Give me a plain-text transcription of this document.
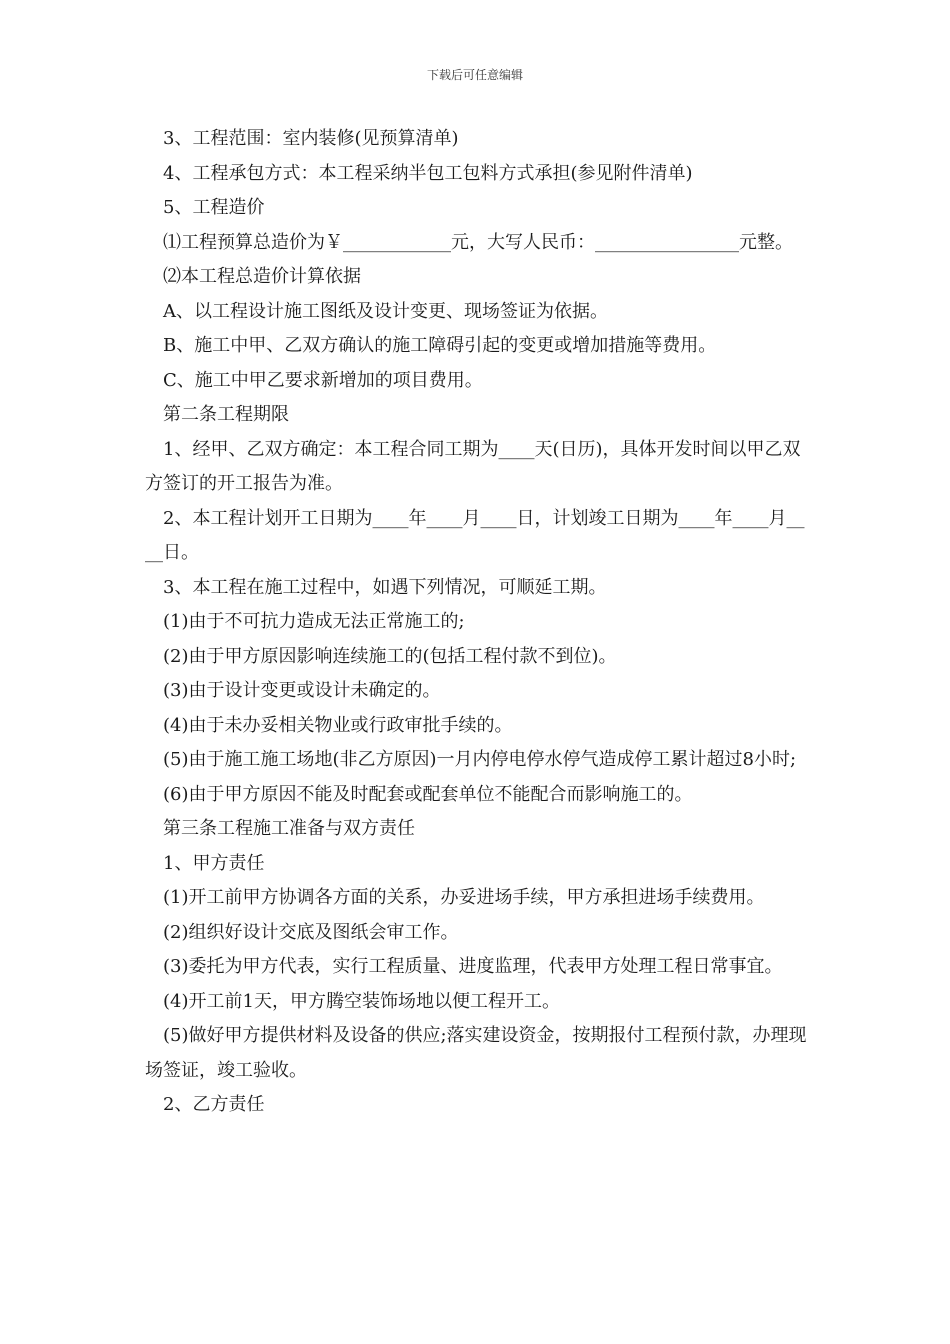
下载后可任意编辑

3、工程范围：室内装修(见预算清单)

4、工程承包方式：本工程采纳半包工包料方式承担(参见附件清单)

5、工程造价

⑴工程预算总造价为￥____________元，大写人民币：________________元整。

⑵本工程总造价计算依据

A、以工程设计施工图纸及设计变更、现场签证为依据。

B、施工中甲、乙双方确认的施工障碍引起的变更或增加措施等费用。

C、施工中甲乙要求新增加的项目费用。

第二条工程期限

1、经甲、乙双方确定：本工程合同工期为____天(日历)，具体开发时间以甲乙双方签订的开工报告为准。

2、本工程计划开工日期为____年____月____日，计划竣工日期为____年____月____日。

3、本工程在施工过程中，如遇下列情况，可顺延工期。

(1)由于不可抗力造成无法正常施工的;

(2)由于甲方原因影响连续施工的(包括工程付款不到位)。

(3)由于设计变更或设计未确定的。

(4)由于未办妥相关物业或行政审批手续的。

(5)由于施工施工场地(非乙方原因)一月内停电停水停气造成停工累计超过8小时;

(6)由于甲方原因不能及时配套或配套单位不能配合而影响施工的。

第三条工程施工准备与双方责任

1、甲方责任

(1)开工前甲方协调各方面的关系，办妥进场手续，甲方承担进场手续费用。

(2)组织好设计交底及图纸会审工作。

(3)委托为甲方代表，实行工程质量、进度监理，代表甲方处理工程日常事宜。

(4)开工前1天，甲方腾空装饰场地以便工程开工。

(5)做好甲方提供材料及设备的供应;落实建设资金，按期报付工程预付款，办理现场签证，竣工验收。

2、乙方责任
